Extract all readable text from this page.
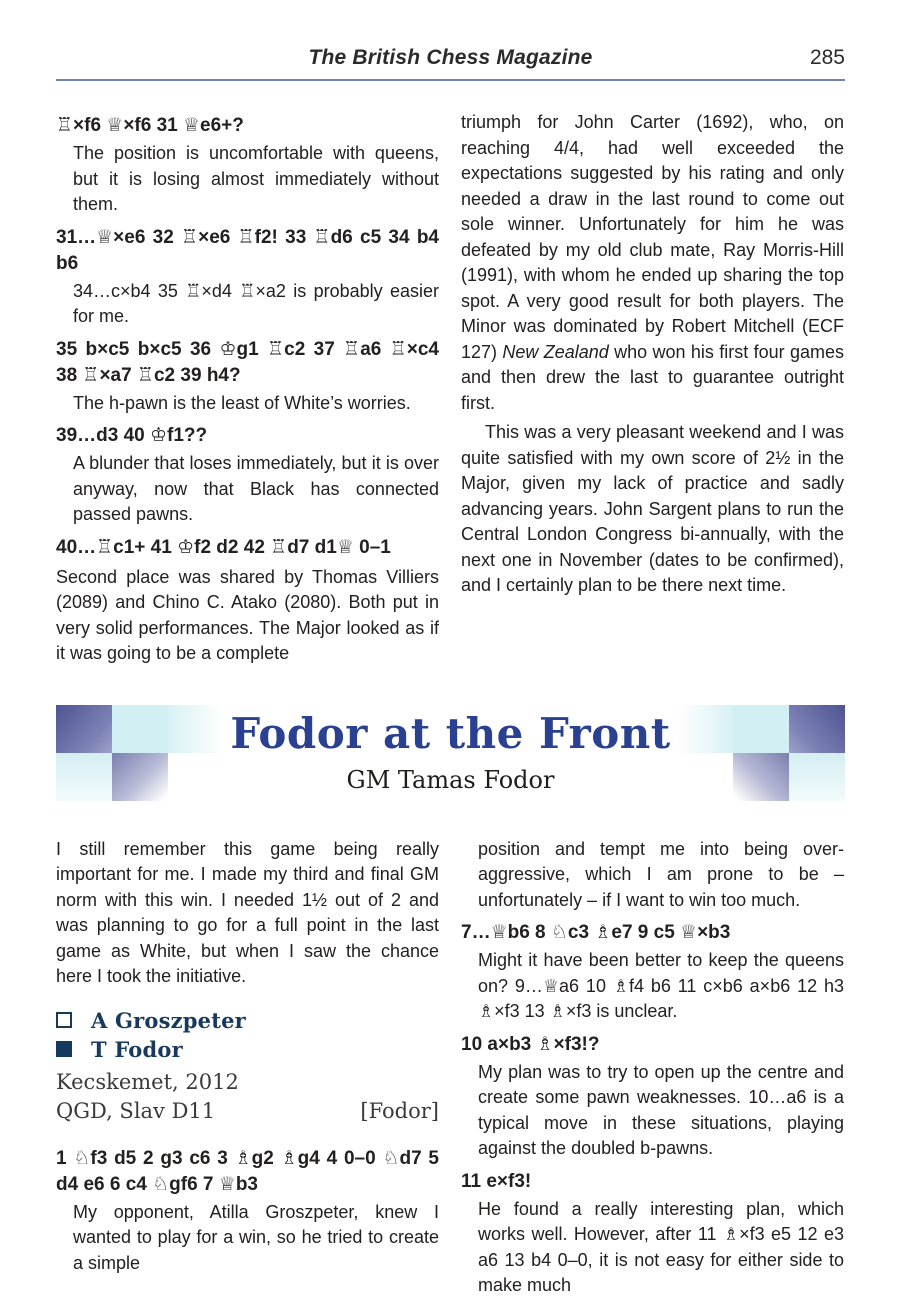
The British Chess Magazine	285

♖×f6 ♕×f6 31 ♕e6+?

The position is uncomfortable with queens, but it is losing almost immediately without them.

31…♕×e6 32 ♖×e6 ♖f2! 33 ♖d6 c5 34 b4 b6

34…c×b4 35 ♖×d4 ♖×a2 is probably easier for me.

35 b×c5 b×c5 36 ♔g1 ♖c2 37 ♖a6 ♖×c4 38 ♖×a7 ♖c2 39 h4?

The h-pawn is the least of White’s worries.

39…d3 40 ♔f1??

A blunder that loses immediately, but it is over anyway, now that Black has connected passed pawns.

40…♖c1+ 41 ♔f2 d2 42 ♖d7 d1♕ 0–1

Second place was shared by Thomas Villiers (2089) and Chino C. Atako (2080). Both put in very solid performances. The Major looked as if it was going to be a complete

triumph for John Carter (1692), who, on reaching 4/4, had well exceeded the expectations suggested by his rating and only needed a draw in the last round to come out sole winner. Unfortunately for him he was defeated by my old club mate, Ray Morris-Hill (1991), with whom he ended up sharing the top spot. A very good result for both players. The Minor was dominated by Robert Mitchell (ECF 127) New Zealand who won his first four games and then drew the last to guarantee outright first.

This was a very pleasant weekend and I was quite satisfied with my own score of 2½ in the Major, given my lack of practice and sadly advancing years. John Sargent plans to run the Central London Congress bi-annually, with the next one in November (dates to be confirmed), and I certainly plan to be there next time.

Fodor at the Front
GM Tamas Fodor

I still remember this game being really important for me. I made my third and final GM norm with this win. I needed 1½ out of 2 and was planning to go for a full point in the last game as White, but when I saw the chance here I took the initiative.

A Groszpeter
T Fodor
Kecskemet, 2012
QGD, Slav D11	[Fodor]

1 ♘f3 d5 2 g3 c6 3 ♗g2 ♗g4 4 0–0 ♘d7 5 d4 e6 6 c4 ♘gf6 7 ♕b3

My opponent, Atilla Groszpeter, knew I wanted to play for a win, so he tried to create a simple

position and tempt me into being over-aggressive, which I am prone to be – unfortunately – if I want to win too much.

7…♕b6 8 ♘c3 ♗e7 9 c5 ♕×b3

Might it have been better to keep the queens on? 9…♕a6 10 ♗f4 b6 11 c×b6 a×b6 12 h3 ♗×f3 13 ♗×f3 is unclear.

10 a×b3 ♗×f3!?

My plan was to try to open up the centre and create some pawn weaknesses. 10…a6 is a typical move in these situations, playing against the doubled b-pawns.

11 e×f3!

He found a really interesting plan, which works well. However, after 11 ♗×f3 e5 12 e3 a6 13 b4 0–0, it is not easy for either side to make much
